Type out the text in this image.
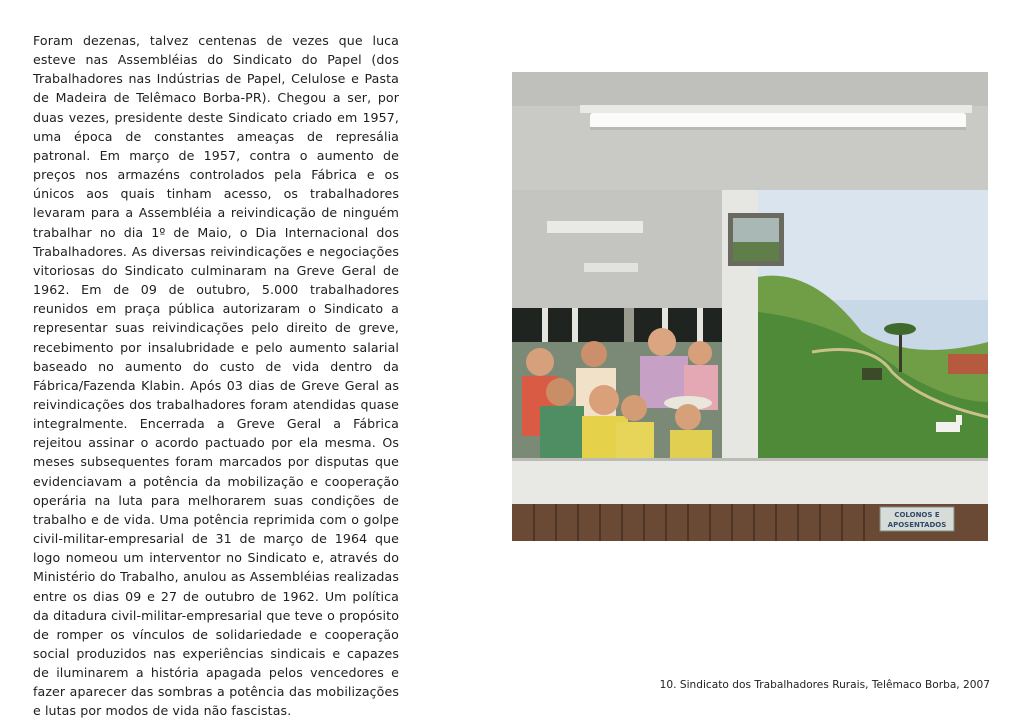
Foram dezenas, talvez centenas de vezes que luca esteve nas Assembléias do Sindicato do Papel (dos Trabalhadores nas Indústrias de Papel, Celulose e Pasta de Madeira de Telêmaco Borba-PR). Chegou a ser, por duas vezes, presidente deste Sindicato criado em 1957, uma época de constantes ameaças de represália patronal. Em março de 1957, contra o aumento de preços nos armazéns controlados pela Fábrica e os únicos aos quais tinham acesso, os trabalhadores levaram para a Assembléia a reivindicação de ninguém trabalhar no dia 1º de Maio, o Dia Internacional dos Trabalhadores. As diversas reivindicações e negociações vitoriosas do Sindicato culminaram na Greve Geral de 1962. Em de 09 de outubro, 5.000 trabalhadores reunidos em praça pública autorizaram o Sindicato a representar suas reivindicações pelo direito de greve, recebimento por insalubridade e pelo aumento salarial baseado no aumento do custo de vida dentro da Fábrica/Fazenda Klabin. Após 03 dias de Greve Geral as reivindicações dos trabalhadores foram atendidas quase integralmente. Encerrada a Greve Geral a Fábrica rejeitou assinar o acordo pactuado por ela mesma. Os meses subsequentes foram marcados por disputas que evidenciavam a potência da mobilização e cooperação operária na luta para melhorarem suas condições de trabalho e de vida. Uma potência reprimida com o golpe civil-militar-empresarial de 31 de março de 1964 que logo nomeou um interventor no Sindicato e, através do Ministério do Trabalho, anulou as Assembléias realizadas entre os dias 09 e 27 de outubro de 1962. Um política da ditadura civil-militar-empresarial que teve o propósito de romper os vínculos de solidariedade e cooperação social produzidos nas experiências sindicais e capazes de iluminarem a história apagada pelos vencedores e fazer aparecer das sombras a potência das mobilizações e lutas por modos de vida não fascistas.
COLONOS E
APOSENTADOS
10. Sindicato dos Trabalhadores Rurais, Telêmaco Borba, 2007
